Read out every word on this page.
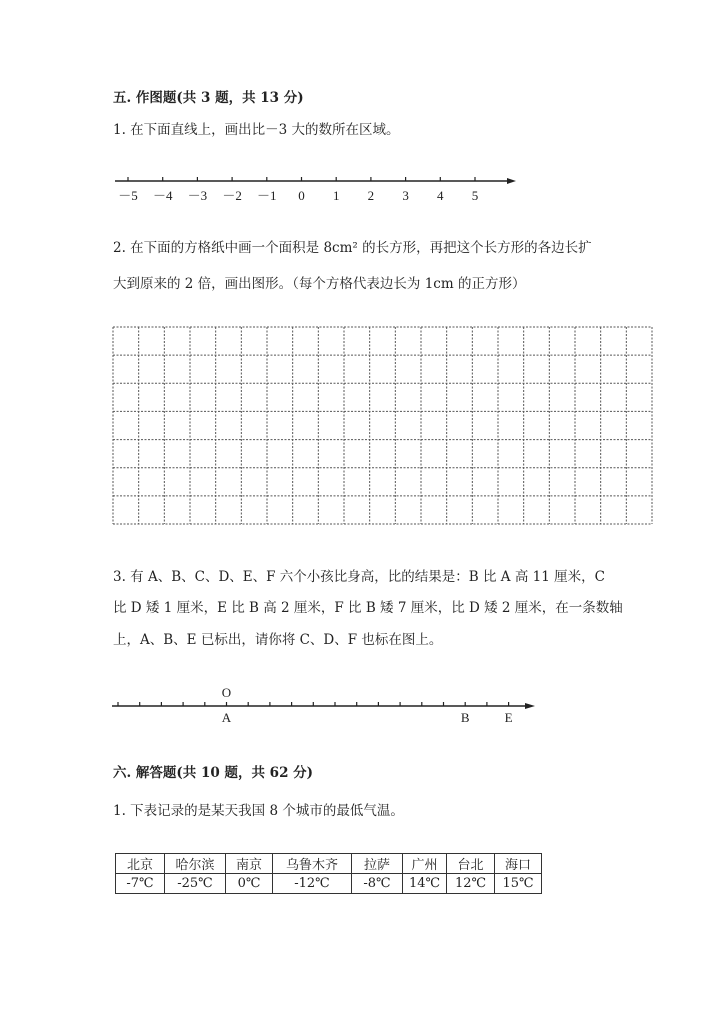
五. 作图题(共 3 题，共 13 分)
1. 在下面直线上，画出比－3 大的数所在区域。
－5 －4 －3 －2 －1 0 1 2 3 4 5
2. 在下面的方格纸中画一个面积是 8cm² 的长方形，再把这个长方形的各边长扩
大到原来的 2 倍，画出图形。（每个方格代表边长为 1cm 的正方形）
3. 有 A、B、C、D、E、F 六个小孩比身高，比的结果是：B 比 A 高 11 厘米，C
比 D 矮 1 厘米，E 比 B 高 2 厘米，F 比 B 矮 7 厘米，比 D 矮 2 厘米，在一条数轴
上，A、B、E 已标出，请你将 C、D、F 也标在图上。
O
A	B	E
六. 解答题(共 10 题，共 62 分)
1. 下表记录的是某天我国 8 个城市的最低气温。
北京	哈尔滨	南京	乌鲁木齐	拉萨	广州	台北	海口
-7℃	-25℃	0℃	-12℃	-8℃	14℃	12℃	15℃
